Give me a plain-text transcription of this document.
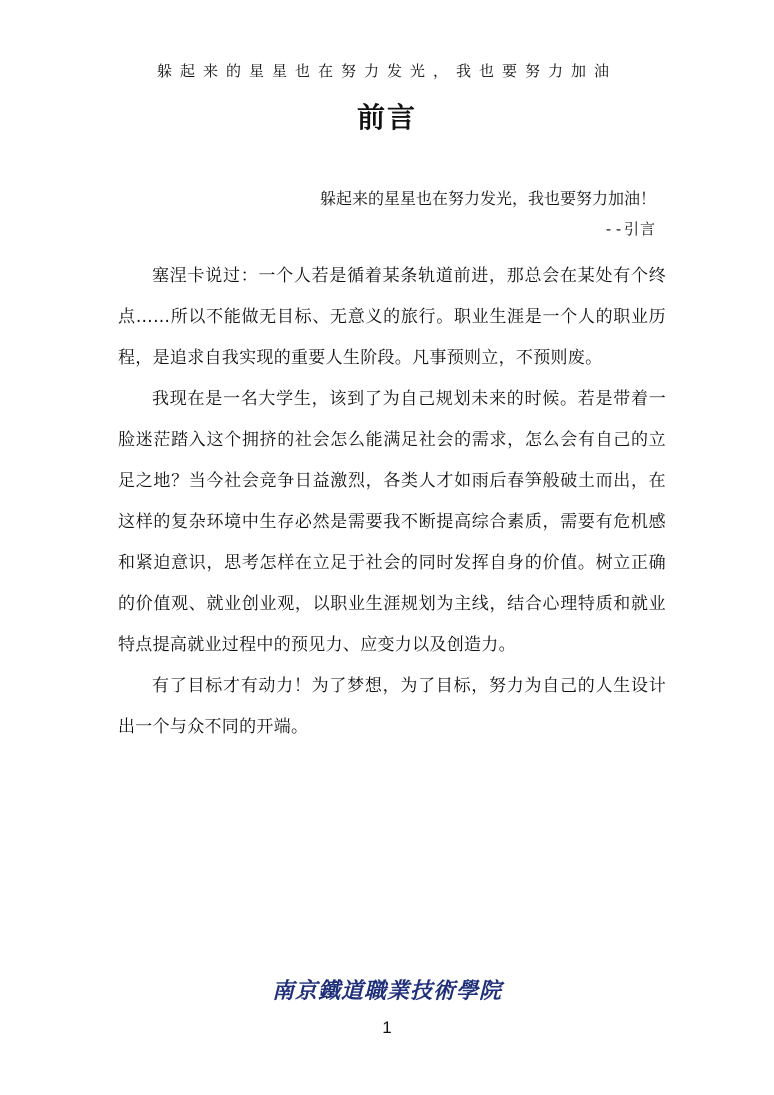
躲起来的星星也在努力发光，我也要努力加油
前言
躲起来的星星也在努力发光，我也要努力加油！
--引言

塞涅卡说过：一个人若是循着某条轨道前进，那总会在某处有个终点……所以不能做无目标、无意义的旅行。职业生涯是一个人的职业历程，是追求自我实现的重要人生阶段。凡事预则立，不预则废。

我现在是一名大学生，该到了为自己规划未来的时候。若是带着一脸迷茫踏入这个拥挤的社会怎么能满足社会的需求，怎么会有自己的立足之地？当今社会竞争日益激烈，各类人才如雨后春笋般破土而出，在这样的复杂环境中生存必然是需要我不断提高综合素质，需要有危机感和紧迫意识，思考怎样在立足于社会的同时发挥自身的价值。树立正确的价值观、就业创业观，以职业生涯规划为主线，结合心理特质和就业特点提高就业过程中的预见力、应变力以及创造力。

有了目标才有动力！为了梦想，为了目标，努力为自己的人生设计出一个与众不同的开端。

南京鐵道職業技術學院
1
